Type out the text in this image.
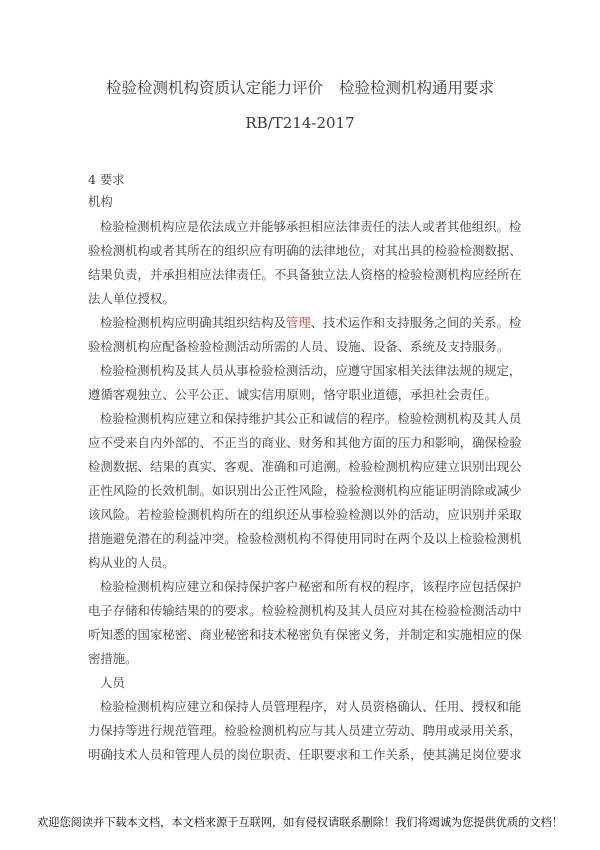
检验检测机构资质认定能力评价 检验检测机构通用要求
RB/T214-2017
4 要求
机构
检验检测机构应是依法成立并能够承担相应法律责任的法人或者其他组织。检
验检测机构或者其所在的组织应有明确的法律地位，对其出具的检验检测数据、
结果负责，并承担相应法律责任。不具备独立法人资格的检验检测机构应经所在
法人单位授权。
检验检测机构应明确其组织结构及管理、技术运作和支持服务之间的关系。检
验检测机构应配备检验检测活动所需的人员、设施、设备、系统及支持服务。
检验检测机构及其人员从事检验检测活动，应遵守国家相关法律法规的规定，
遵循客观独立、公平公正、诚实信用原则，恪守职业道德，承担社会责任。
检验检测机构应建立和保持维护其公正和诚信的程序。检验检测机构及其人员
应不受来自内外部的、不正当的商业、财务和其他方面的压力和影响，确保检验
检测数据、结果的真实、客观、准确和可追溯。检验检测机构应建立识别出现公
正性风险的长效机制。如识别出公正性风险，检验检测机构应能证明消除或减少
该风险。若检验检测机构所在的组织还从事检验检测以外的活动，应识别并采取
措施避免潜在的利益冲突。检验检测机构不得使用同时在两个及以上检验检测机
构从业的人员。
检验检测机构应建立和保持保护客户秘密和所有权的程序，该程序应包括保护
电子存储和传输结果的的要求。检验检测机构及其人员应对其在检验检测活动中
听知悉的国家秘密、商业秘密和技术秘密负有保密义务，并制定和实施相应的保
密措施。
人员
检验检测机构应建立和保持人员管理程序，对人员资格确认、任用、授权和能
力保持等进行规范管理。检验检测机构应与其人员建立劳动、聘用或录用关系，
明确技术人员和管理人员的岗位职责、任职要求和工作关系，使其满足岗位要求
欢迎您阅读并下载本文档，本文档来源于互联网，如有侵权请联系删除！我们将竭诚为您提供优质的文档！
